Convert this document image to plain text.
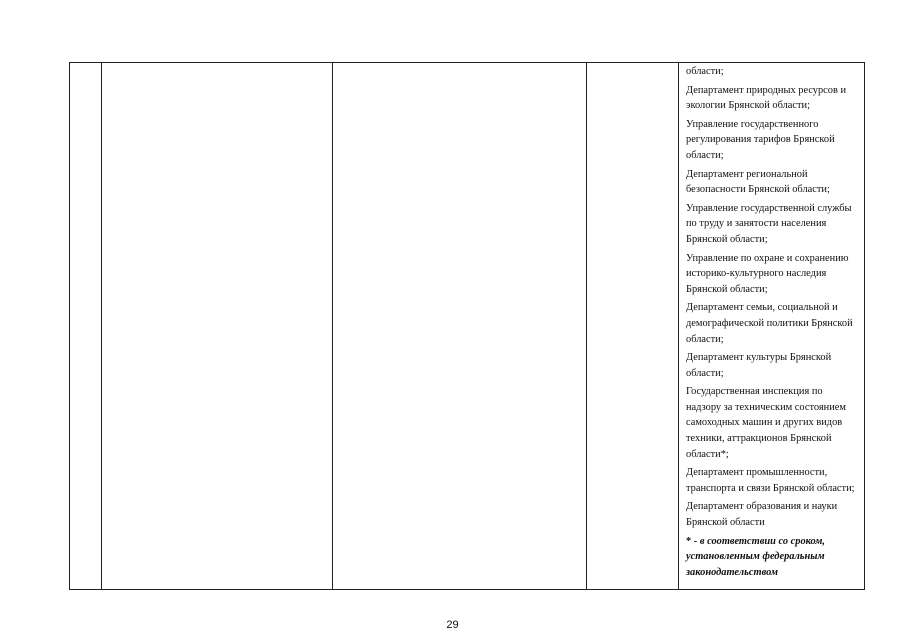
области;
Департамент природных ресурсов и экологии Брянской области;
Управление государственного регулирования тарифов Брянской области;
Департамент региональной безопасности Брянской области;
Управление государственной службы по труду и занятости населения Брянской области;
Управление по охране и сохранению историко-культурного наследия Брянской области;
Департамент семьи, социальной и демографической политики Брянской области;
Департамент культуры Брянской области;
Государственная инспекция по надзору за техническим состоянием самоходных машин и других видов техники, аттракционов Брянской области*;
Департамент промышленности, транспорта и связи Брянской области;
Департамент образования и науки Брянской области
* - в соответствии со сроком, установленным федеральным законодательством
29
